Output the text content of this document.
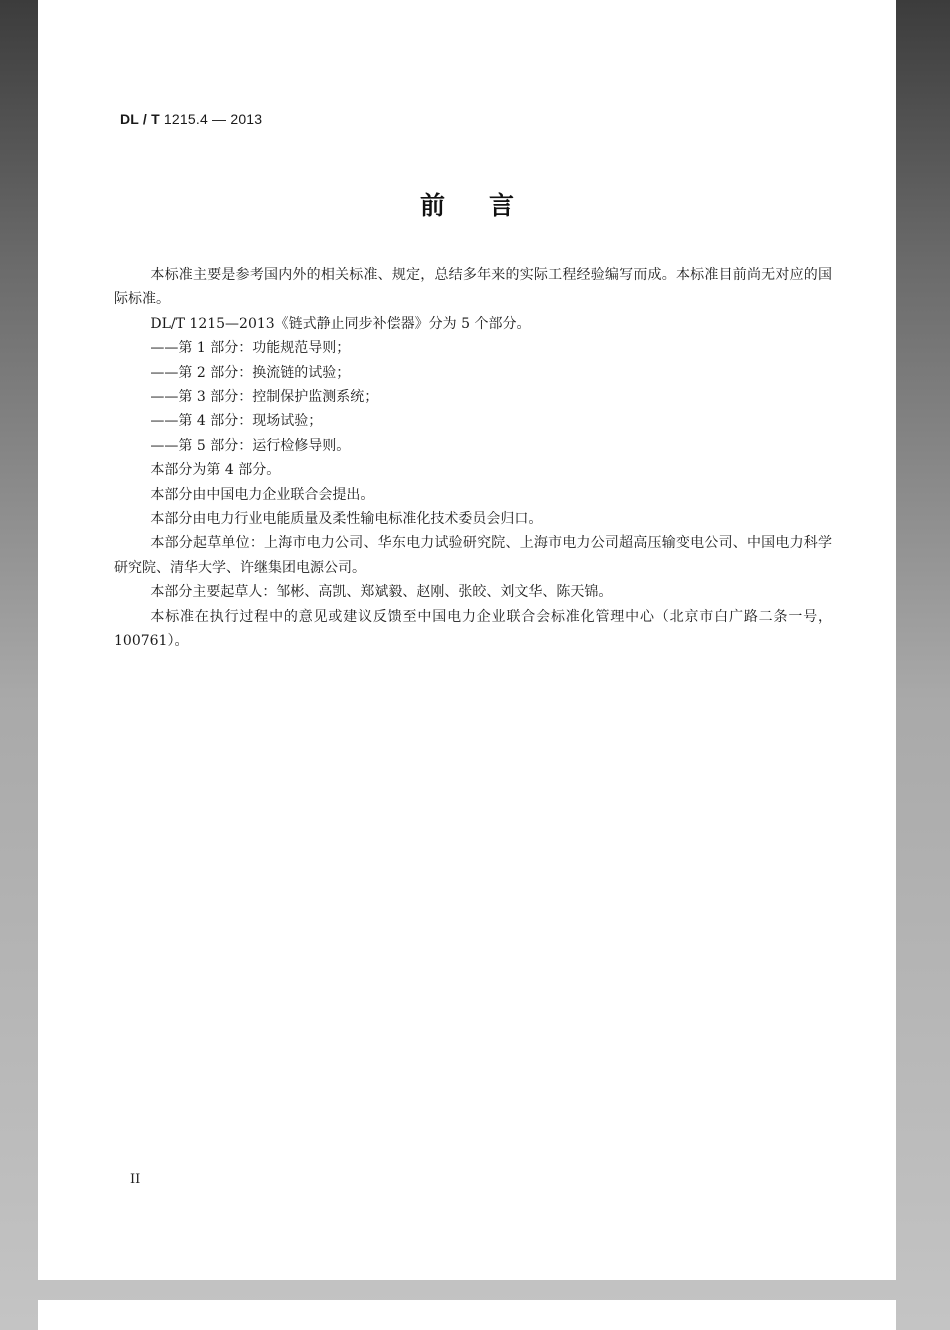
DL / T 1215.4 — 2013
前言

本标准主要是参考国内外的相关标准、规定，总结多年来的实际工程经验编写而成。本标准目前尚无对应的国际标准。

DL/T 1215—2013《链式静止同步补偿器》分为 5 个部分。

——第 1 部分：功能规范导则；

——第 2 部分：换流链的试验；

——第 3 部分：控制保护监测系统；

——第 4 部分：现场试验；

——第 5 部分：运行检修导则。

本部分为第 4 部分。

本部分由中国电力企业联合会提出。

本部分由电力行业电能质量及柔性输电标准化技术委员会归口。

本部分起草单位：上海市电力公司、华东电力试验研究院、上海市电力公司超高压输变电公司、中国电力科学研究院、清华大学、许继集团电源公司。

本部分主要起草人：邹彬、高凯、郑斌毅、赵刚、张皎、刘文华、陈天锦。

本标准在执行过程中的意见或建议反馈至中国电力企业联合会标准化管理中心（北京市白广路二条一号，100761）。

II
